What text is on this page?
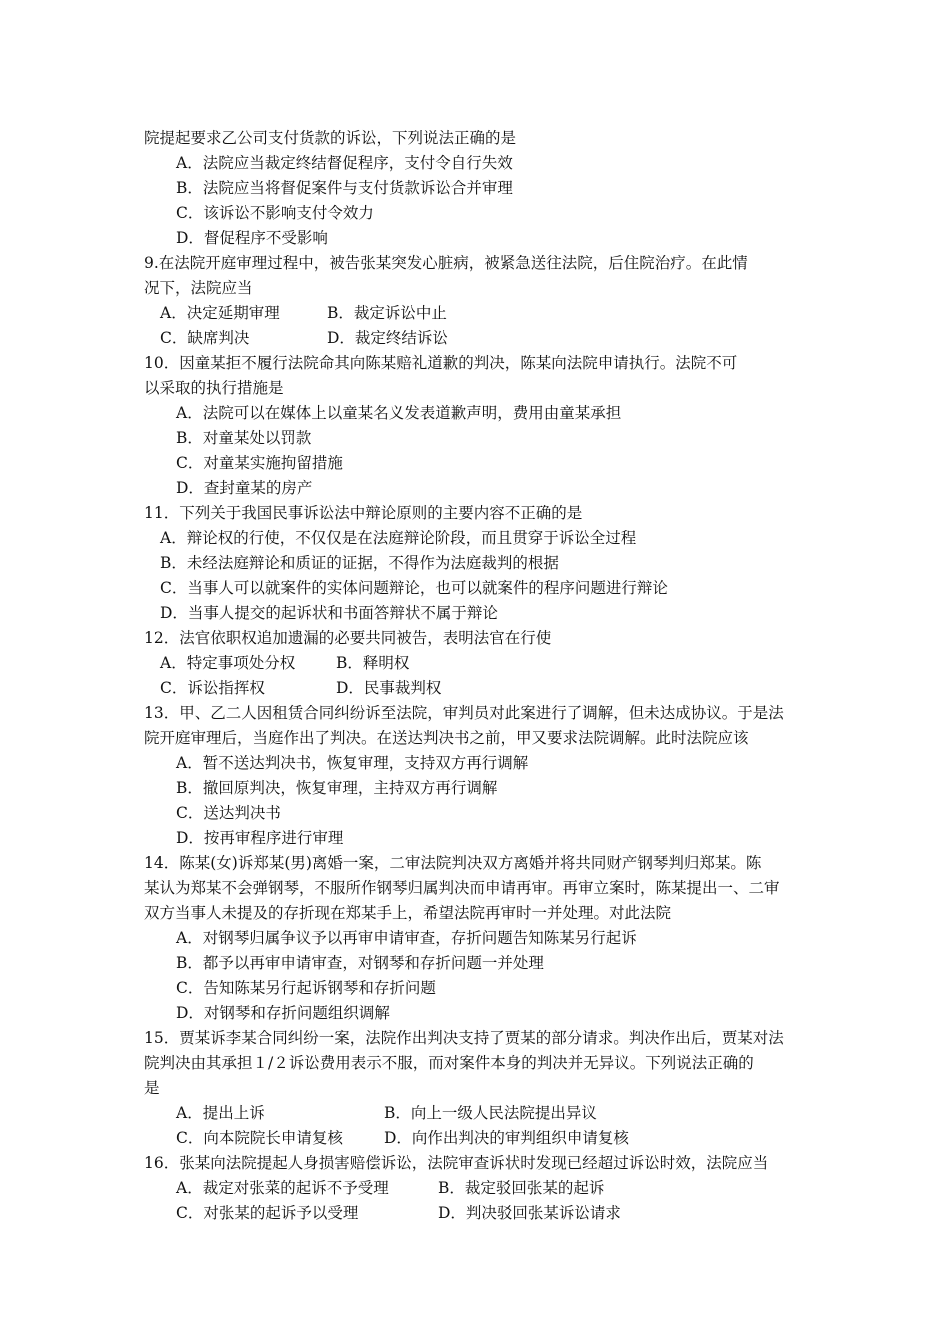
院提起要求乙公司支付货款的诉讼，下列说法正确的是
A．法院应当裁定终结督促程序，支付令自行失效
B．法院应当将督促案件与支付货款诉讼合并审理
C．该诉讼不影响支付令效力
D．督促程序不受影响
9.在法院开庭审理过程中，被告张某突发心脏病，被紧急送往法院，后住院治疗。在此情
况下，法院应当
A．决定延期审理	B．裁定诉讼中止
C．缺席判决	D．裁定终结诉讼
10．因童某拒不履行法院命其向陈某赔礼道歉的判决，陈某向法院申请执行。法院不可
以采取的执行措施是
A．法院可以在媒体上以童某名义发表道歉声明，费用由童某承担
B．对童某处以罚款
C．对童某实施拘留措施
D．查封童某的房产
11．下列关于我国民事诉讼法中辩论原则的主要内容不正确的是
A．辩论权的行使，不仅仅是在法庭辩论阶段，而且贯穿于诉讼全过程
B．未经法庭辩论和质证的证据，不得作为法庭裁判的根据
C．当事人可以就案件的实体问题辩论，也可以就案件的程序问题进行辩论
D．当事人提交的起诉状和书面答辩状不属于辩论
12．法官依职权追加遗漏的必要共同被告，表明法官在行使
A．特定事项处分权	B．释明权
C．诉讼指挥权	D．民事裁判权
13．甲、乙二人因租赁合同纠纷诉至法院，审判员对此案进行了调解，但未达成协议。于是法
院开庭审理后，当庭作出了判决。在送达判决书之前，甲又要求法院调解。此时法院应该
A．暂不送达判决书，恢复审理，支持双方再行调解
B．撤回原判决，恢复审理，主持双方再行调解
C．送达判决书
D．按再审程序进行审理
14．陈某(女)诉郑某(男)离婚一案，二审法院判决双方离婚并将共同财产钢琴判归郑某。陈
某认为郑某不会弹钢琴，不服所作钢琴归属判决而申请再审。再审立案时，陈某提出一、二审
双方当事人未提及的存折现在郑某手上，希望法院再审时一并处理。对此法院
A．对钢琴归属争议予以再审申请审查，存折问题告知陈某另行起诉
B．都予以再审申请审查，对钢琴和存折问题一并处理
C．告知陈某另行起诉钢琴和存折问题
D．对钢琴和存折问题组织调解
15．贾某诉李某合同纠纷一案，法院作出判决支持了贾某的部分请求。判决作出后，贾某对法
院判决由其承担１/２诉讼费用表示不服，而对案件本身的判决并无异议。下列说法正确的
是
A．提出上诉	B．向上一级人民法院提出异议
C．向本院院长申请复核	D．向作出判决的审判组织申请复核
16．张某向法院提起人身损害赔偿诉讼，法院审查诉状时发现已经超过诉讼时效，法院应当
A．裁定对张菜的起诉不予受理	B．裁定驳回张某的起诉
C．对张某的起诉予以受理	D．判决驳回张某诉讼请求
